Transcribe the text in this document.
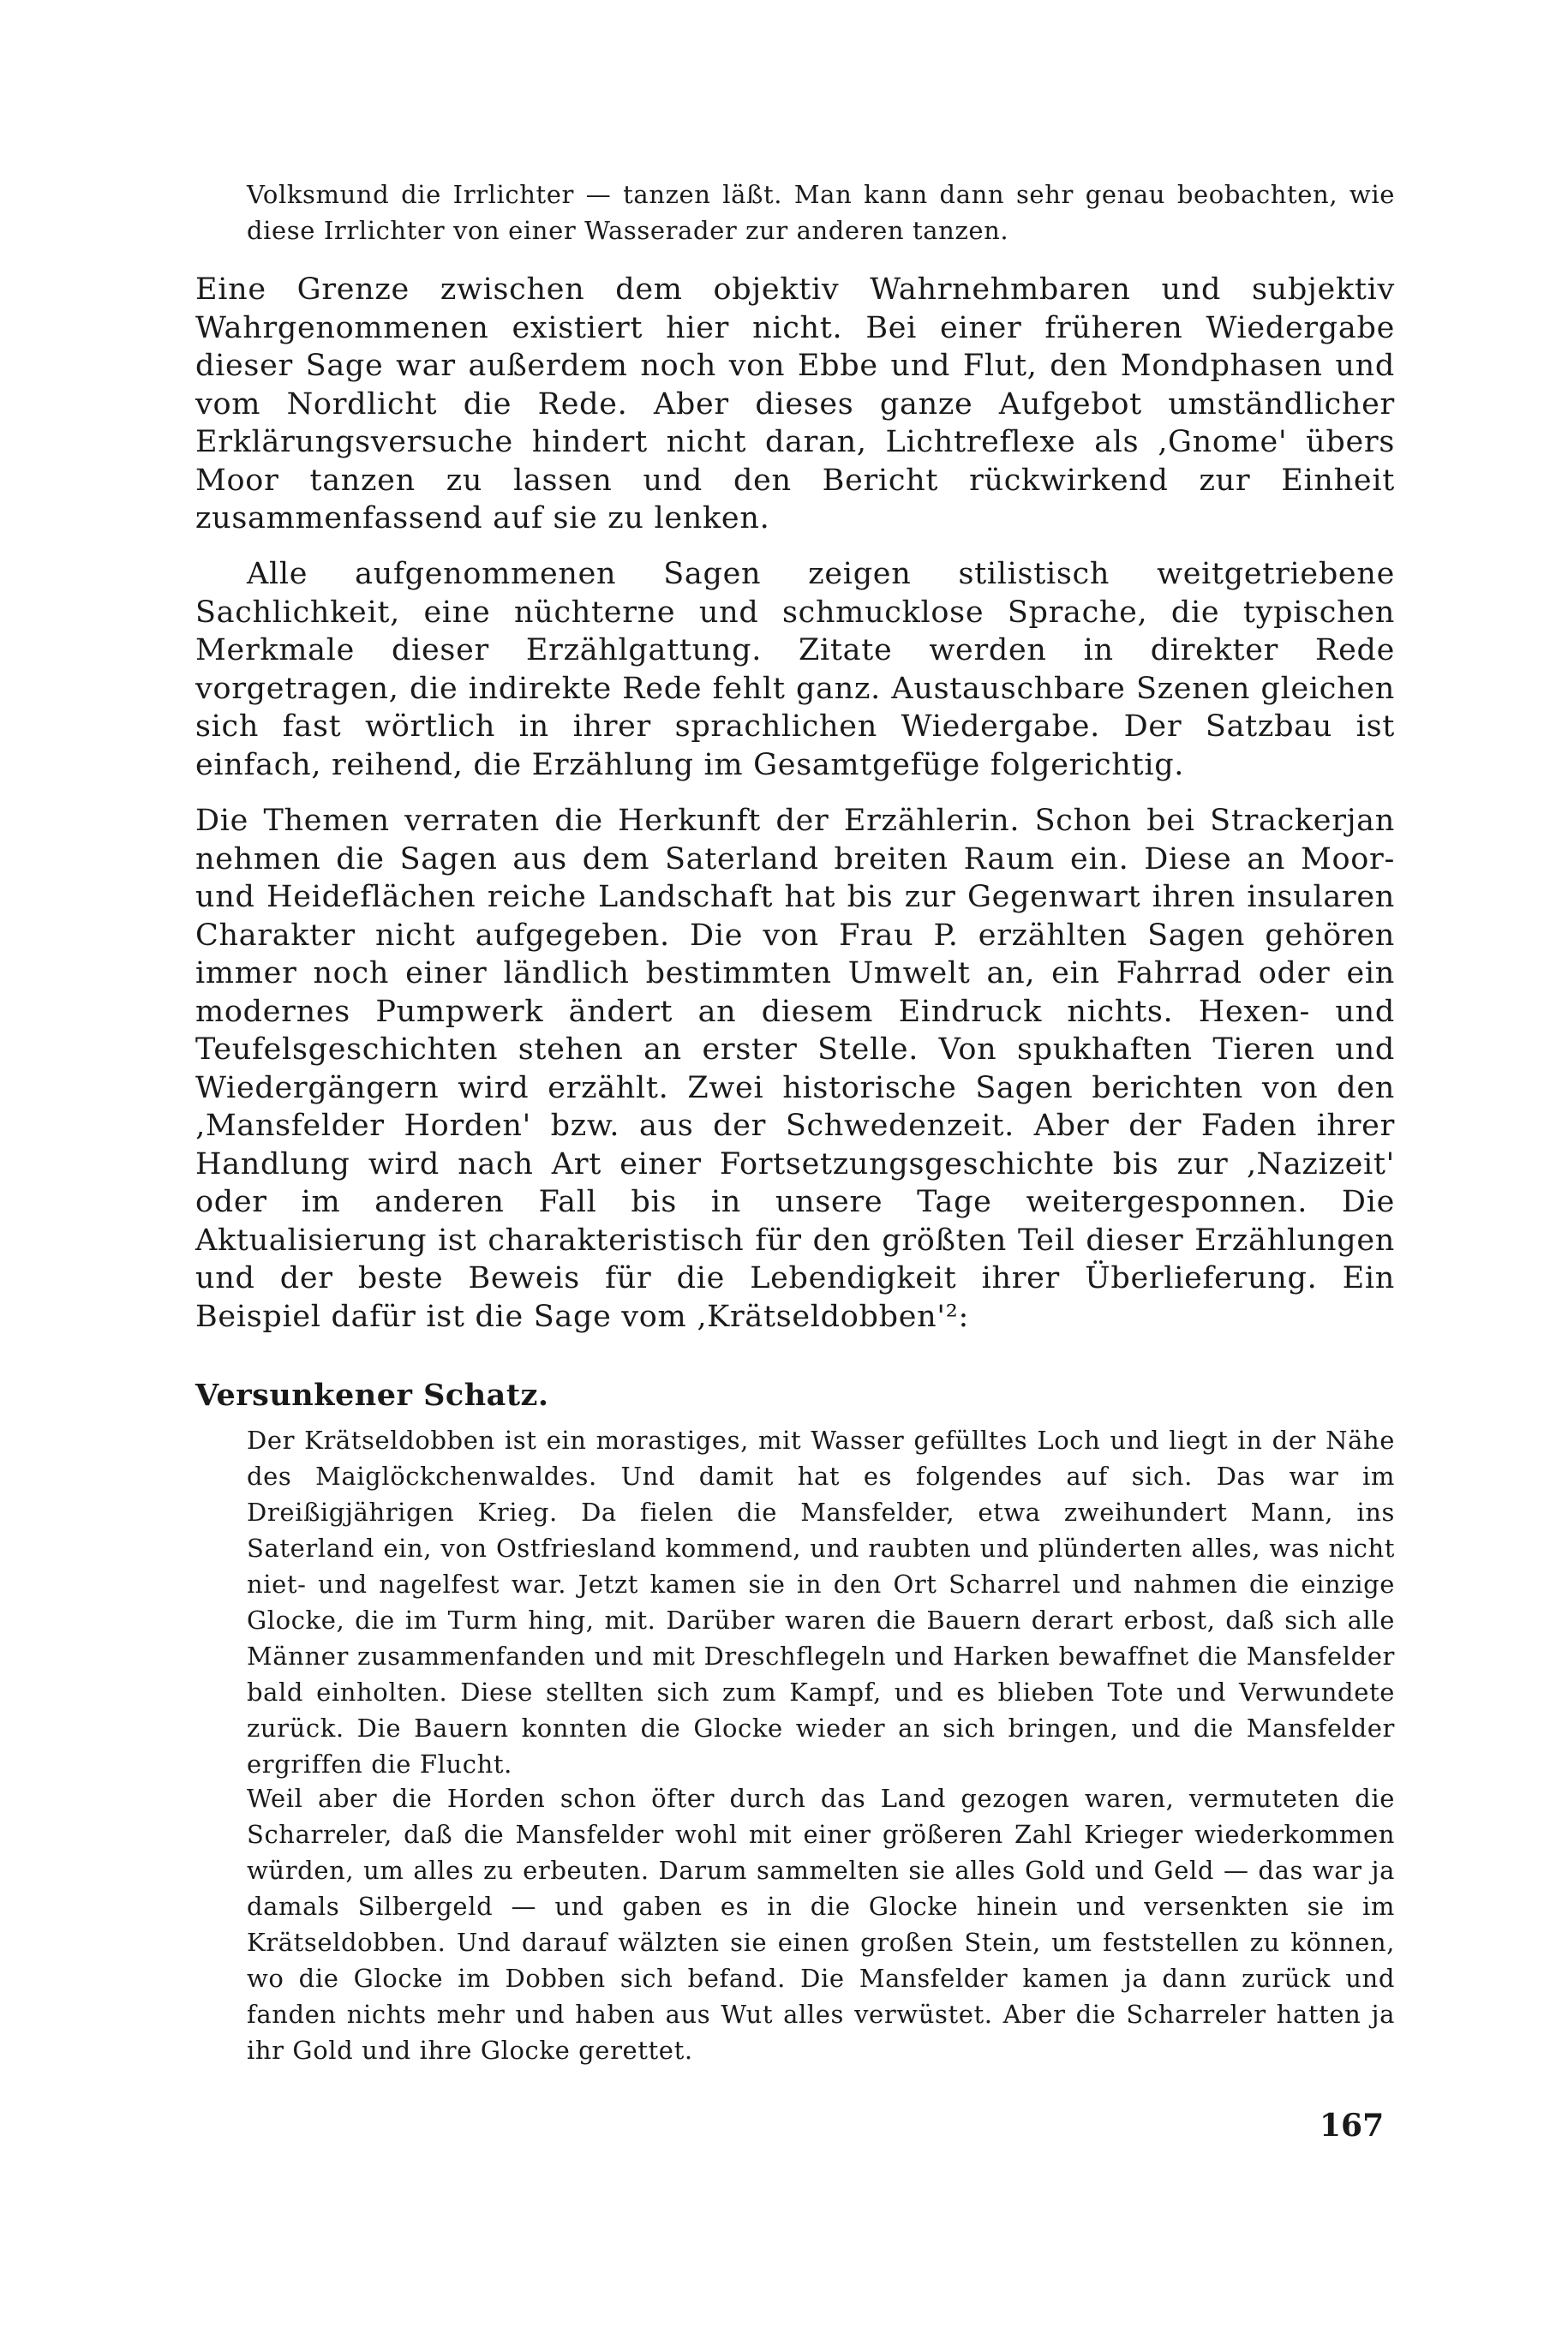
Volksmund die Irrlichter — tanzen läßt. Man kann dann sehr genau beobachten, wie diese Irrlichter von einer Wasserader zur anderen tanzen.

Eine Grenze zwischen dem objektiv Wahrnehmbaren und subjektiv Wahrgenommenen existiert hier nicht. Bei einer früheren Wiedergabe dieser Sage war außerdem noch von Ebbe und Flut, den Mondphasen und vom Nordlicht die Rede. Aber dieses ganze Aufgebot umständlicher Erklärungsversuche hindert nicht daran, Lichtreflexe als ‚Gnome' übers Moor tanzen zu lassen und den Bericht rückwirkend zur Einheit zusammenfassend auf sie zu lenken.

Alle aufgenommenen Sagen zeigen stilistisch weitgetriebene Sachlichkeit, eine nüchterne und schmucklose Sprache, die typischen Merkmale dieser Erzählgattung. Zitate werden in direkter Rede vorgetragen, die indirekte Rede fehlt ganz. Austauschbare Szenen gleichen sich fast wörtlich in ihrer sprachlichen Wiedergabe. Der Satzbau ist einfach, reihend, die Erzählung im Gesamtgefüge folgerichtig.

Die Themen verraten die Herkunft der Erzählerin. Schon bei Strackerjan nehmen die Sagen aus dem Saterland breiten Raum ein. Diese an Moor- und Heideflächen reiche Landschaft hat bis zur Gegenwart ihren insularen Charakter nicht aufgegeben. Die von Frau P. erzählten Sagen gehören immer noch einer ländlich bestimmten Umwelt an, ein Fahrrad oder ein modernes Pumpwerk ändert an diesem Eindruck nichts. Hexen- und Teufelsgeschichten stehen an erster Stelle. Von spukhaften Tieren und Wiedergängern wird erzählt. Zwei historische Sagen berichten von den ‚Mansfelder Horden' bzw. aus der Schwedenzeit. Aber der Faden ihrer Handlung wird nach Art einer Fortsetzungsgeschichte bis zur ‚Nazizeit' oder im anderen Fall bis in unsere Tage weitergesponnen. Die Aktualisierung ist charakteristisch für den größten Teil dieser Erzählungen und der beste Beweis für die Lebendigkeit ihrer Überlieferung. Ein Beispiel dafür ist die Sage vom ‚Krätseldobben'²:

Versunkener Schatz.

Der Krätseldobben ist ein morastiges, mit Wasser gefülltes Loch und liegt in der Nähe des Maiglöckchenwaldes. Und damit hat es folgendes auf sich. Das war im Dreißigjährigen Krieg. Da fielen die Mansfelder, etwa zweihundert Mann, ins Saterland ein, von Ostfriesland kommend, und raubten und plünderten alles, was nicht niet- und nagelfest war. Jetzt kamen sie in den Ort Scharrel und nahmen die einzige Glocke, die im Turm hing, mit. Darüber waren die Bauern derart erbost, daß sich alle Männer zusammenfanden und mit Dreschflegeln und Harken bewaffnet die Mansfelder bald einholten. Diese stellten sich zum Kampf, und es blieben Tote und Verwundete zurück. Die Bauern konnten die Glocke wieder an sich bringen, und die Mansfelder ergriffen die Flucht.

Weil aber die Horden schon öfter durch das Land gezogen waren, vermuteten die Scharreler, daß die Mansfelder wohl mit einer größeren Zahl Krieger wiederkommen würden, um alles zu erbeuten. Darum sammelten sie alles Gold und Geld — das war ja damals Silbergeld — und gaben es in die Glocke hinein und versenkten sie im Krätseldobben. Und darauf wälzten sie einen großen Stein, um feststellen zu können, wo die Glocke im Dobben sich befand. Die Mansfelder kamen ja dann zurück und fanden nichts mehr und haben aus Wut alles verwüstet. Aber die Scharreler hatten ja ihr Gold und ihre Glocke gerettet.

167
